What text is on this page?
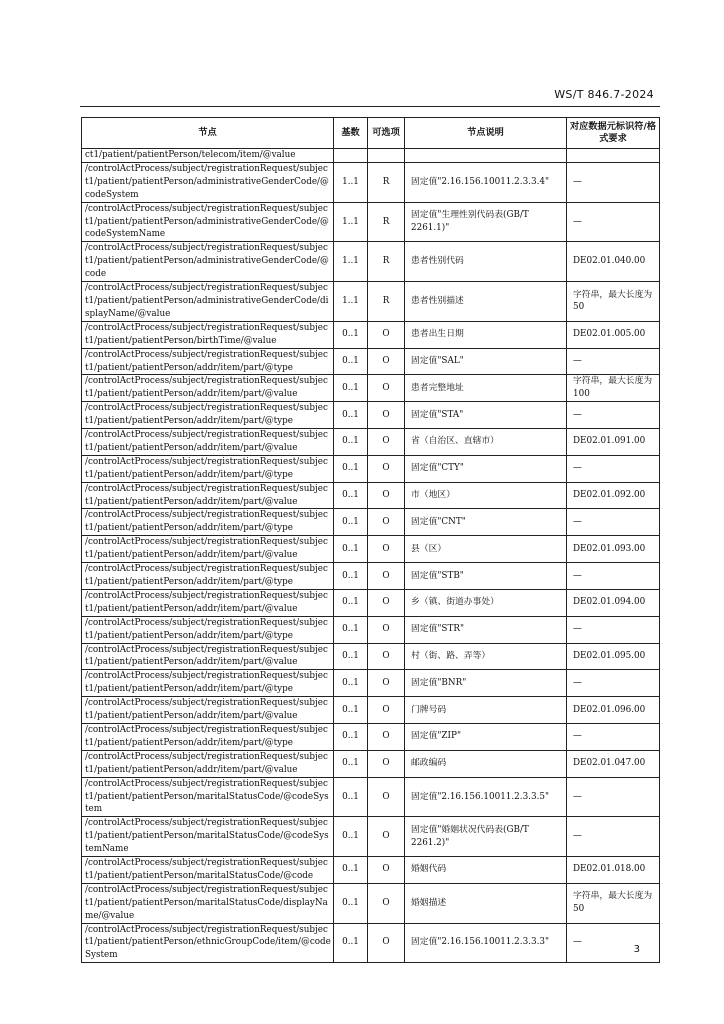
WS/T 846.7-2024
节点	基数	可选项	节点说明	对应数据元标识符/格式要求
ct1/patient/patientPerson/telecom/item/@value				
/controlActProcess/subject/registrationRequest/subject1/patient/patientPerson/administrativeGenderCode/@codeSystem	1..1	R	固定值"2.16.156.10011.2.3.3.4"	—
/controlActProcess/subject/registrationRequest/subject1/patient/patientPerson/administrativeGenderCode/@codeSystemName	1..1	R	固定值"生理性别代码表(GB/T 2261.1)"	—
/controlActProcess/subject/registrationRequest/subject1/patient/patientPerson/administrativeGenderCode/@code	1..1	R	患者性别代码	DE02.01.040.00
/controlActProcess/subject/registrationRequest/subject1/patient/patientPerson/administrativeGenderCode/displayName/@value	1..1	R	患者性别描述	字符串，最大长度为 50
/controlActProcess/subject/registrationRequest/subject1/patient/patientPerson/birthTime/@value	0..1	O	患者出生日期	DE02.01.005.00
/controlActProcess/subject/registrationRequest/subject1/patient/patientPerson/addr/item/part/@type	0..1	O	固定值"SAL"	—
/controlActProcess/subject/registrationRequest/subject1/patient/patientPerson/addr/item/part/@value	0..1	O	患者完整地址	字符串，最大长度为 100
/controlActProcess/subject/registrationRequest/subject1/patient/patientPerson/addr/item/part/@type	0..1	O	固定值"STA"	—
/controlActProcess/subject/registrationRequest/subject1/patient/patientPerson/addr/item/part/@value	0..1	O	省（自治区、直辖市）	DE02.01.091.00
/controlActProcess/subject/registrationRequest/subject1/patient/patientPerson/addr/item/part/@type	0..1	O	固定值"CTY"	—
/controlActProcess/subject/registrationRequest/subject1/patient/patientPerson/addr/item/part/@value	0..1	O	市（地区）	DE02.01.092.00
/controlActProcess/subject/registrationRequest/subject1/patient/patientPerson/addr/item/part/@type	0..1	O	固定值"CNT"	—
/controlActProcess/subject/registrationRequest/subject1/patient/patientPerson/addr/item/part/@value	0..1	O	县（区）	DE02.01.093.00
/controlActProcess/subject/registrationRequest/subject1/patient/patientPerson/addr/item/part/@type	0..1	O	固定值"STB"	—
/controlActProcess/subject/registrationRequest/subject1/patient/patientPerson/addr/item/part/@value	0..1	O	乡（镇、街道办事处）	DE02.01.094.00
/controlActProcess/subject/registrationRequest/subject1/patient/patientPerson/addr/item/part/@type	0..1	O	固定值"STR"	—
/controlActProcess/subject/registrationRequest/subject1/patient/patientPerson/addr/item/part/@value	0..1	O	村（街、路、弄等）	DE02.01.095.00
/controlActProcess/subject/registrationRequest/subject1/patient/patientPerson/addr/item/part/@type	0..1	O	固定值"BNR"	—
/controlActProcess/subject/registrationRequest/subject1/patient/patientPerson/addr/item/part/@value	0..1	O	门牌号码	DE02.01.096.00
/controlActProcess/subject/registrationRequest/subject1/patient/patientPerson/addr/item/part/@type	0..1	O	固定值"ZIP"	—
/controlActProcess/subject/registrationRequest/subject1/patient/patientPerson/addr/item/part/@value	0..1	O	邮政编码	DE02.01.047.00
/controlActProcess/subject/registrationRequest/subject1/patient/patientPerson/maritalStatusCode/@codeSystem	0..1	O	固定值"2.16.156.10011.2.3.3.5"	—
/controlActProcess/subject/registrationRequest/subject1/patient/patientPerson/maritalStatusCode/@codeSystemName	0..1	O	固定值"婚姻状况代码表(GB/T 2261.2)"	—
/controlActProcess/subject/registrationRequest/subject1/patient/patientPerson/maritalStatusCode/@code	0..1	O	婚姻代码	DE02.01.018.00
/controlActProcess/subject/registrationRequest/subject1/patient/patientPerson/maritalStatusCode/displayName/@value	0..1	O	婚姻描述	字符串，最大长度为 50
/controlActProcess/subject/registrationRequest/subject1/patient/patientPerson/ethnicGroupCode/item/@codeSystem	0..1	O	固定值"2.16.156.10011.2.3.3.3"	—
3
